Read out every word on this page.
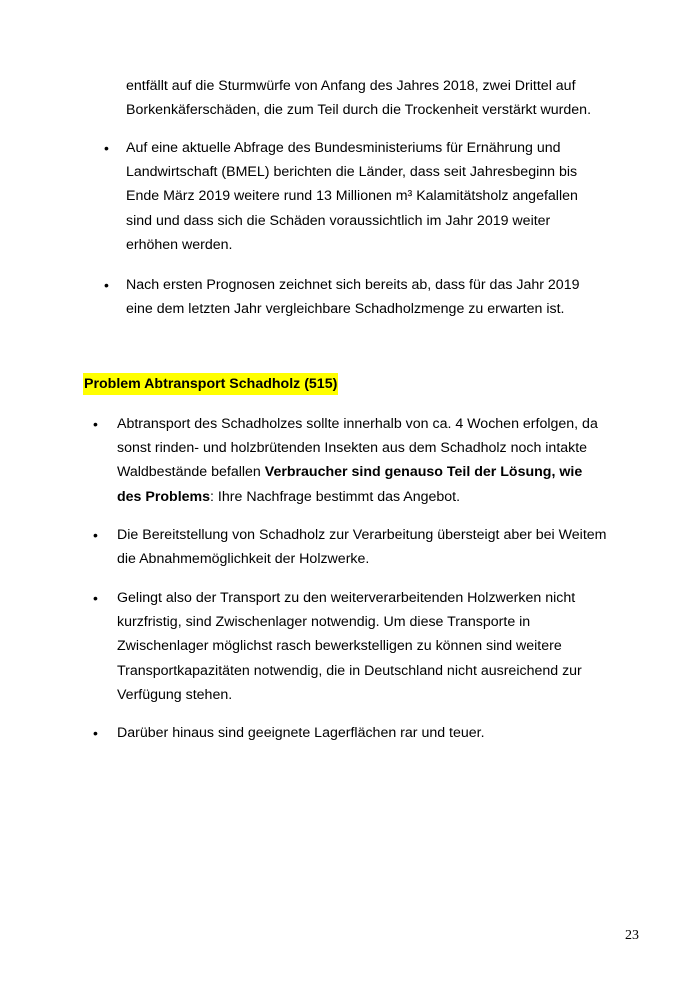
entfällt auf die Sturmwürfe von Anfang des Jahres 2018, zwei Drittel auf Borkenkäferschäden, die zum Teil durch die Trockenheit verstärkt wurden.

• Auf eine aktuelle Abfrage des Bundesministeriums für Ernährung und Landwirtschaft (BMEL) berichten die Länder, dass seit Jahresbeginn bis Ende März 2019 weitere rund 13 Millionen m³ Kalamitätsholz angefallen sind und dass sich die Schäden voraussichtlich im Jahr 2019 weiter erhöhen werden.

• Nach ersten Prognosen zeichnet sich bereits ab, dass für das Jahr 2019 eine dem letzten Jahr vergleichbare Schadholzmenge zu erwarten ist.

Problem Abtransport Schadholz (515)
• Abtransport des Schadholzes sollte innerhalb von ca. 4 Wochen erfolgen, da sonst rinden- und holzbrütenden Insekten aus dem Schadholz noch intakte Waldbestände befallen Verbraucher sind genauso Teil der Lösung, wie des Problems: Ihre Nachfrage bestimmt das Angebot.

• Die Bereitstellung von Schadholz zur Verarbeitung übersteigt aber bei Weitem die Abnahmemöglichkeit der Holzwerke.

• Gelingt also der Transport zu den weiterverarbeitenden Holzwerken nicht kurzfristig, sind Zwischenlager notwendig. Um diese Transporte in Zwischenlager möglichst rasch bewerkstelligen zu können sind weitere Transportkapazitäten notwendig, die in Deutschland nicht ausreichend zur Verfügung stehen.

• Darüber hinaus sind geeignete Lagerflächen rar und teuer.

23
